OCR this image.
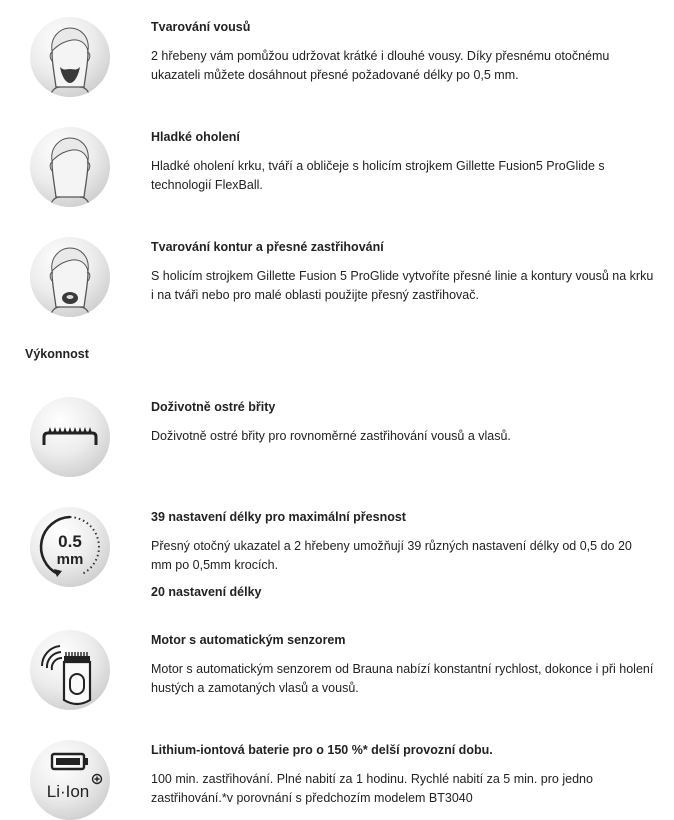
Tvarování vousů

2 hřebeny vám pomůžou udržovat krátké i dlouhé vousy. Díky přesnému otočnému ukazateli můžete dosáhnout přesné požadované délky po 0,5 mm.

Hladké oholení

Hladké oholení krku, tváří a obličeje s holicím strojkem Gillette Fusion5 ProGlide s technologií FlexBall.

Tvarování kontur a přesné zastřihování

S holicím strojkem Gillette Fusion 5 ProGlide vytvoříte přesné linie a kontury vousů na krku i na tváři nebo pro malé oblasti použijte přesný zastřihovač.

Výkonnost

Doživotně ostré břity

Doživotně ostré břity pro rovnoměrné zastřihování vousů a vlasů.

0.5
mm

39 nastavení délky pro maximální přesnost

Přesný otočný ukazatel a 2 hřebeny umožňují 39 různých nastavení délky od 0,5 do 20 mm po 0,5mm krocích.

20 nastavení délky

Motor s automatickým senzorem

Motor s automatickým senzorem od Brauna nabízí konstantní rychlost, dokonce i při holení hustých a zamotaných vlasů a vousů.

Li·Ion

Lithium-iontová baterie pro o 150 %* delší provozní dobu.

100 min. zastřihování. Plné nabití za 1 hodinu. Rychlé nabití za 5 min. pro jedno zastřihování.*v porovnání s předchozím modelem BT3040
